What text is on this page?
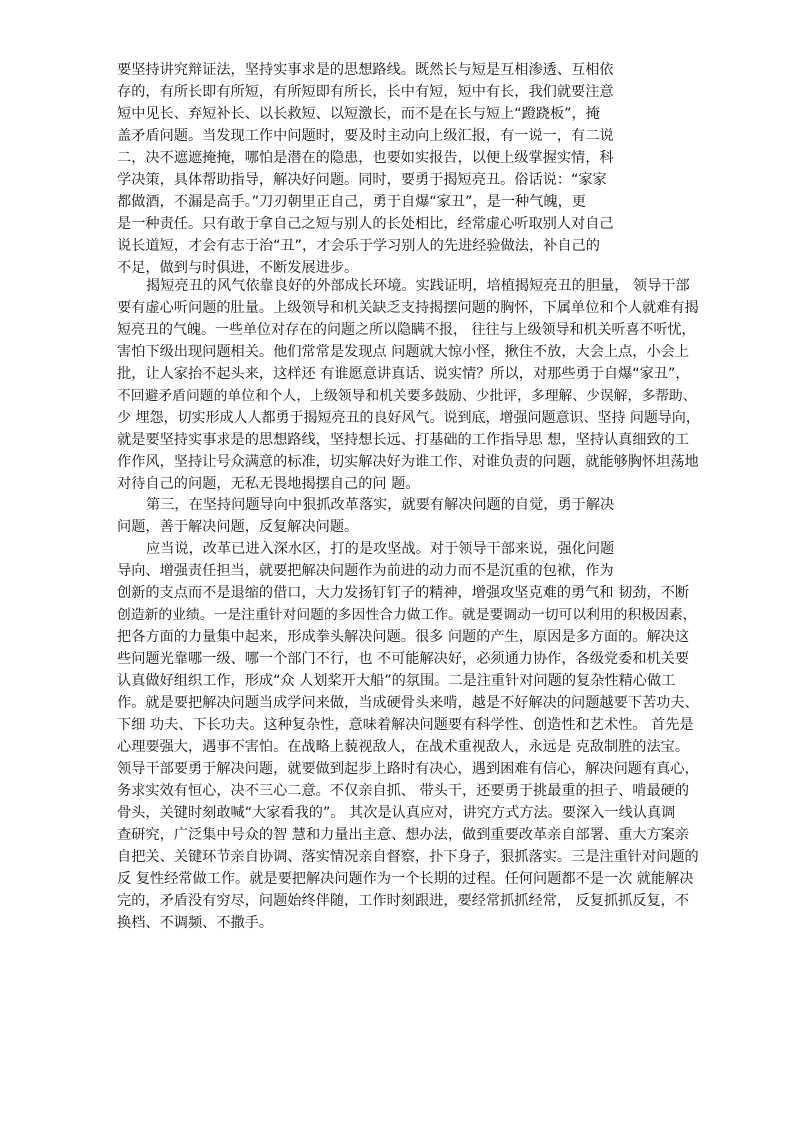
要坚持讲究辩证法，坚持实事求是的思想路线。既然长与短是互相渗透、互相依
存的，有所长即有所短，有所短即有所长，长中有短，短中有长，我们就要注意
短中见长、弃短补长、以长救短、以短激长，而不是在长与短上“蹬跷板”，掩
盖矛盾问题。当发现工作中问题时，要及时主动向上级汇报，有一说一，有二说
二，决不遮遮掩掩，哪怕是潜在的隐患，也要如实报告，以便上级掌握实情，科
学决策，具体帮助指导，解决好问题。同时，要勇于揭短亮丑。俗话说：“家家
都做酒，不漏是高手。”刀刃朝里正自己，勇于自爆“家丑”，是一种气魄，更
是一种责任。只有敢于拿自己之短与别人的长处相比，经常虚心听取别人对自己
说长道短，才会有志于治“丑”，才会乐于学习别人的先进经验做法，补自己的
不足，做到与时俱进，不断发展进步。
揭短亮丑的风气依靠良好的外部成长环境。实践证明，培植揭短亮丑的胆量， 领导干部
要有虚心听问题的肚量。上级领导和机关缺乏支持揭摆问题的胸怀，下属单位和个人就难有揭
短亮丑的气魄。一些单位对存在的问题之所以隐瞒不报， 往往与上级领导和机关听喜不听忧，
害怕下级出现问题相关。他们常常是发现点 问题就大惊小怪，揪住不放，大会上点，小会上
批，让人家抬不起头来，这样还 有谁愿意讲真话、说实情？所以，对那些勇于自爆“家丑”，
不回避矛盾问题的单位和个人，上级领导和机关要多鼓励、少批评，多理解、少误解，多帮助、
少 埋怨，切实形成人人都勇于揭短亮丑的良好风气。说到底，增强问题意识、坚持 问题导向，
就是要坚持实事求是的思想路线，坚持想长远、打基础的工作指导思 想，坚持认真细致的工
作作风，坚持让号众满意的标准，切实解决好为谁工作、对谁负责的问题，就能够胸怀坦荡地
对待自己的问题，无私无畏地揭摆自己的问 题。
第三，在坚持问题导向中狠抓改革落实，就要有解决问题的自觉，勇于解决
问题，善于解决问题，反复解决问题。
应当说，改革已进入深水区，打的是攻坚战。对于领导干部来说，强化问题
导向、增强责任担当，就要把解决问题作为前进的动力而不是沉重的包袱，作为
创新的支点而不是退缩的借口，大力发扬钉钉子的精神，增强攻坚克难的勇气和 韧劲，不断
创造新的业绩。一是注重针对问题的多因性合力做工作。就是要调动一切可以利用的积极因素，
把各方面的力量集中起来，形成拳头解决问题。很多 问题的产生，原因是多方面的。解决这
些问题光靠哪一级、哪一个部门不行，也 不可能解决好，必须通力协作，各级党委和机关要
认真做好组织工作，形成“众 人划桨开大船”的氛围。二是注重针对问题的复杂性精心做工
作。就是要把解决问题当成学问来做，当成硬骨头来啃，越是不好解决的问题越要下苦功夫、
下细 功夫、下长功夫。这种复杂性，意味着解决问题要有科学性、创造性和艺术性。 首先是
心理要强大，遇事不害怕。在战略上藐视敌人，在战术重视敌人，永远是 克敌制胜的法宝。
领导干部要勇于解决问题，就要做到起步上路时有决心，遇到困难有信心，解决问题有真心，
务求实效有恒心，决不三心二意。不仅亲自抓、 带头干，还要勇于挑最重的担子、啃最硬的
骨头，关键时刻敢喊“大家看我的”。 其次是认真应对，讲究方式方法。要深入一线认真调
查研究，广泛集中号众的智 慧和力量出主意、想办法，做到重要改革亲自部署、重大方案亲
自把关、关键环节亲自协调、落实情况亲自督察，扑下身子，狠抓落实。三是注重针对问题的
反 复性经常做工作。就是要把解决问题作为一个长期的过程。任何问题都不是一次 就能解决
完的，矛盾没有穷尽，问题始终伴随，工作时刻跟进，要经常抓抓经常， 反复抓抓反复，不
换档、不调频、不撒手。
